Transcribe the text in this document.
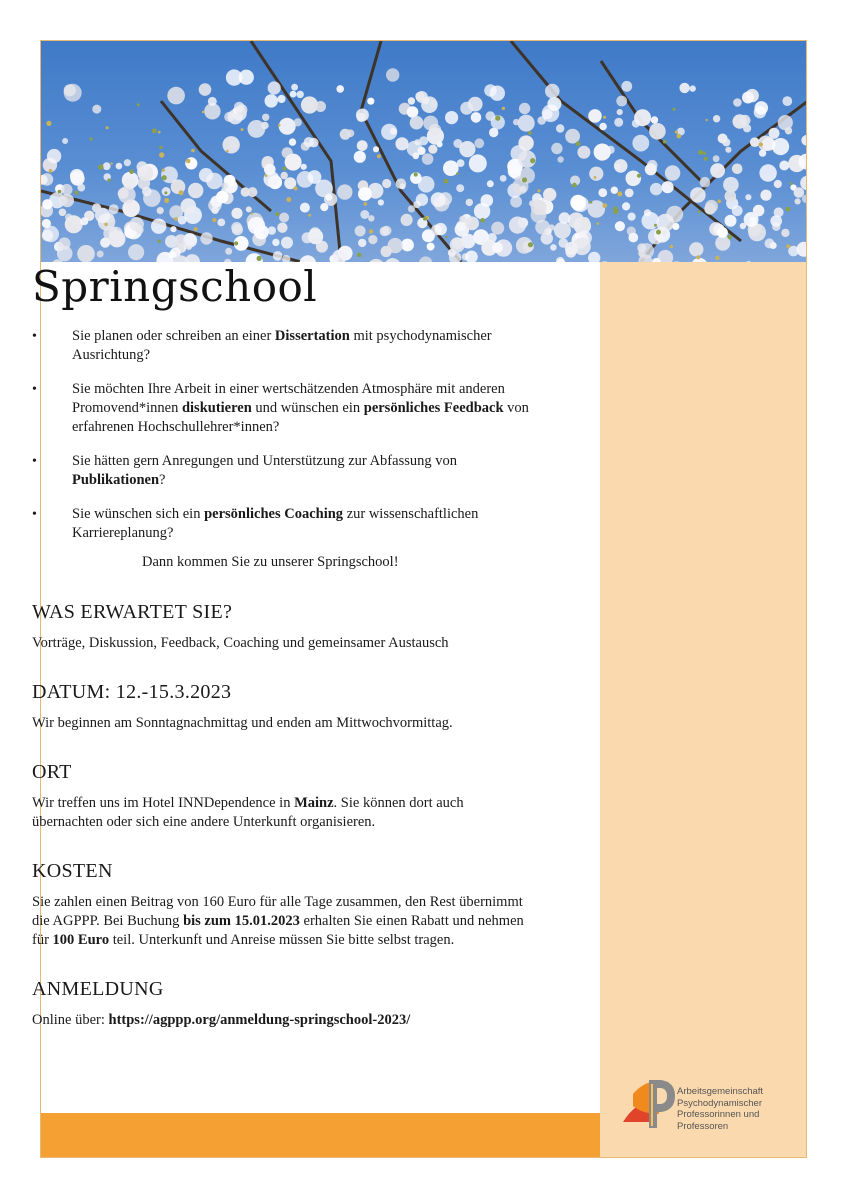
Arbeitsgemeinschaft
Psychodynamischer
Professorinnen und
Professoren
Springschool
• Sie planen oder schreiben an einer Dissertation mit psychodynamischer Ausrichtung?
• Sie möchten Ihre Arbeit in einer wertschätzenden Atmosphäre mit anderen Promovend*innen diskutieren und wünschen ein persönliches Feedback von erfahrenen Hochschullehrer*innen?
• Sie hätten gern Anregungen und Unterstützung zur Abfassung von Publikationen?
• Sie wünschen sich ein persönliches Coaching zur wissenschaftlichen Karriereplanung?
Dann kommen Sie zu unserer Springschool!
WAS ERWARTET SIE?

Vorträge, Diskussion, Feedback, Coaching und gemeinsamer Austausch

DATUM: 12.-15.3.2023

Wir beginnen am Sonntagnachmittag und enden am Mittwochvormittag.

ORT

Wir treffen uns im Hotel INNDependence in Mainz. Sie können dort auch übernachten oder sich eine andere Unterkunft organisieren.

KOSTEN

Sie zahlen einen Beitrag von 160 Euro für alle Tage zusammen, den Rest übernimmt die AGPPP. Bei Buchung bis zum 15.01.2023 erhalten Sie einen Rabatt und nehmen für 100 Euro teil. Unterkunft und Anreise müssen Sie bitte selbst tragen.

ANMELDUNG

Online über: https://agppp.org/anmeldung-springschool-2023/
